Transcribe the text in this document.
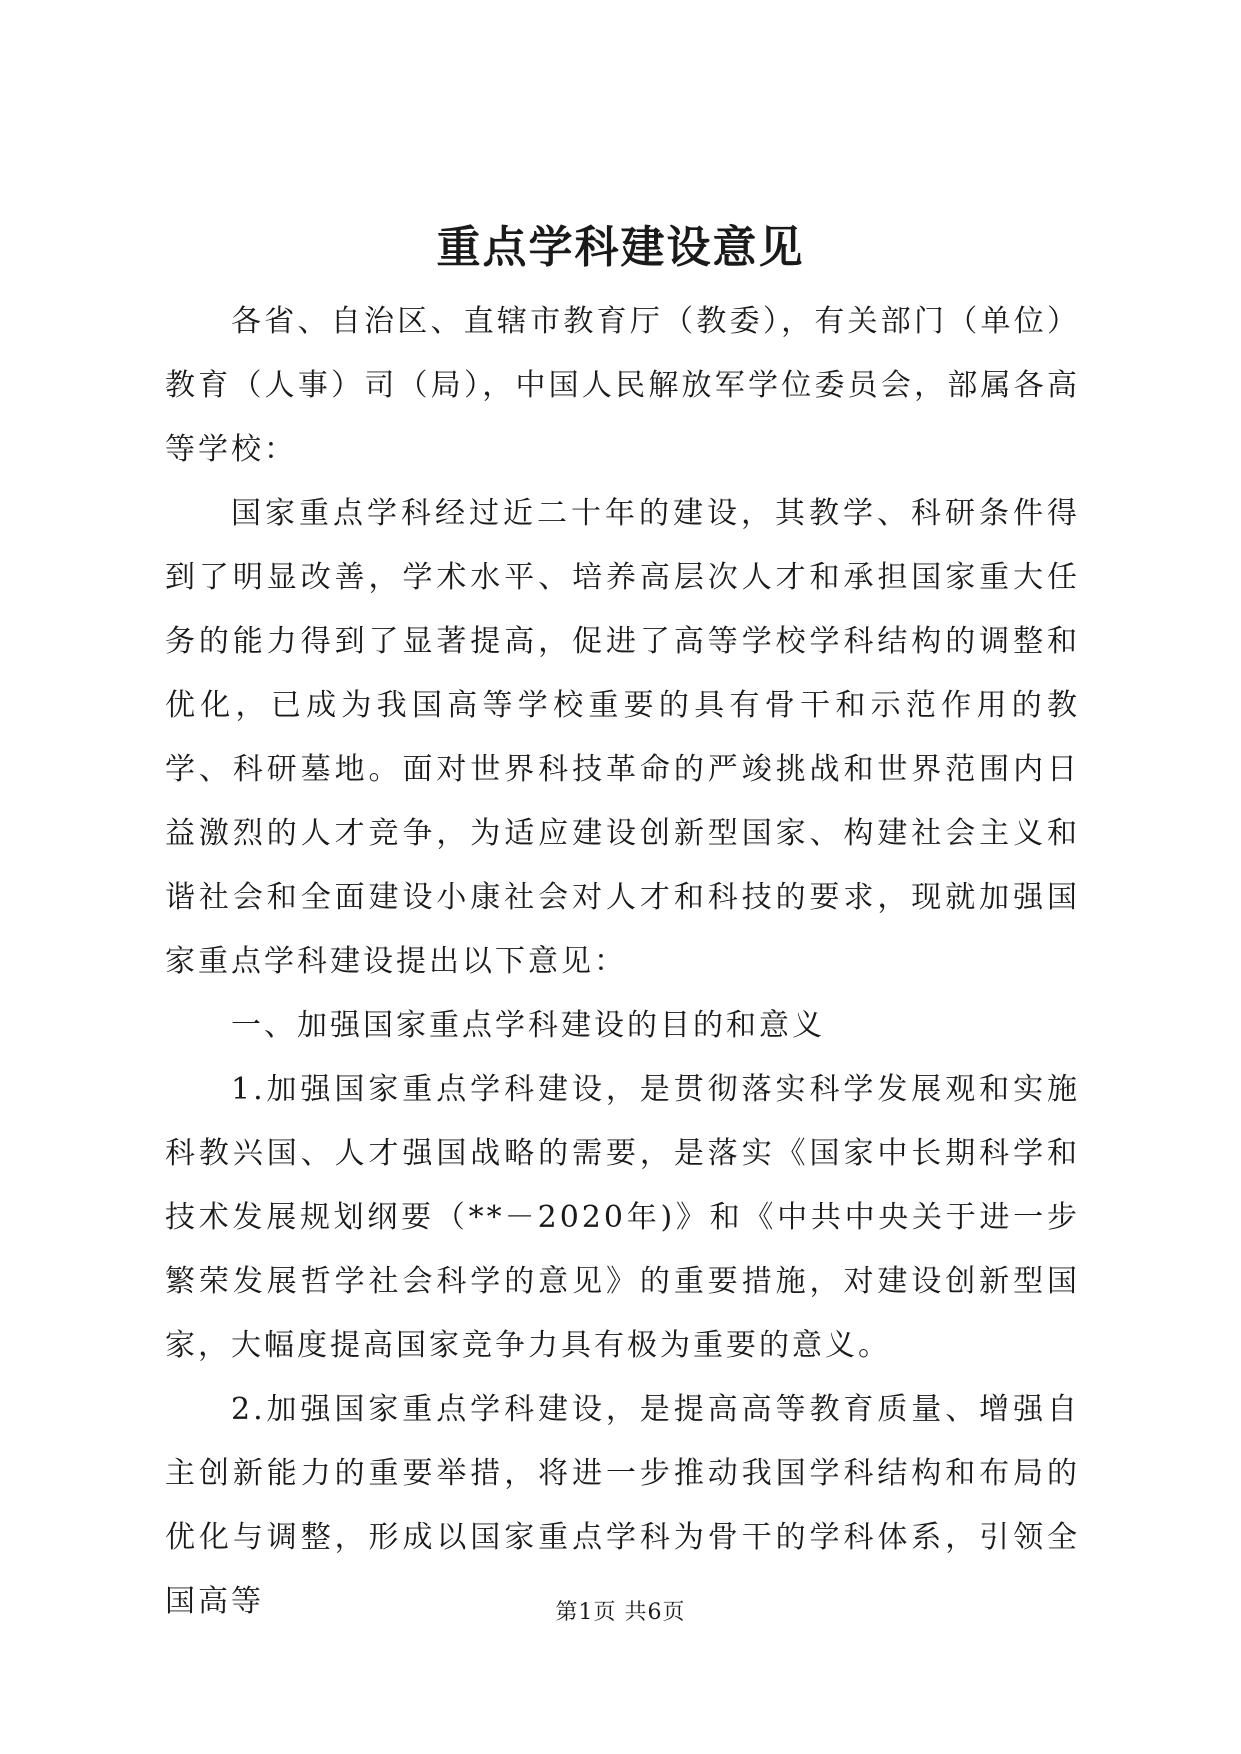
重点学科建设意见

各省、自治区、直辖市教育厅（教委），有关部门（单位）教育（人事）司（局），中国人民解放军学位委员会，部属各高等学校：

国家重点学科经过近二十年的建设，其教学、科研条件得到了明显改善，学术水平、培养高层次人才和承担国家重大任务的能力得到了显著提高，促进了高等学校学科结构的调整和优化，已成为我国高等学校重要的具有骨干和示范作用的教学、科研墓地。面对世界科技革命的严竣挑战和世界范围内日益激烈的人才竞争，为适应建设创新型国家、构建社会主义和谐社会和全面建设小康社会对人才和科技的要求，现就加强国家重点学科建设提出以下意见：

一、加强国家重点学科建设的目的和意义

1.加强国家重点学科建设，是贯彻落实科学发展观和实施科教兴国、人才强国战略的需要，是落实《国家中长期科学和技术发展规划纲要（**－2020年)》和《中共中央关于进一步繁荣发展哲学社会科学的意见》的重要措施，对建设创新型国家，大幅度提高国家竞争力具有极为重要的意义。

2.加强国家重点学科建设，是提高高等教育质量、增强自主创新能力的重要举措，将进一步推动我国学科结构和布局的优化与调整，形成以国家重点学科为骨干的学科体系，引领全国高等	第1页 共6页
